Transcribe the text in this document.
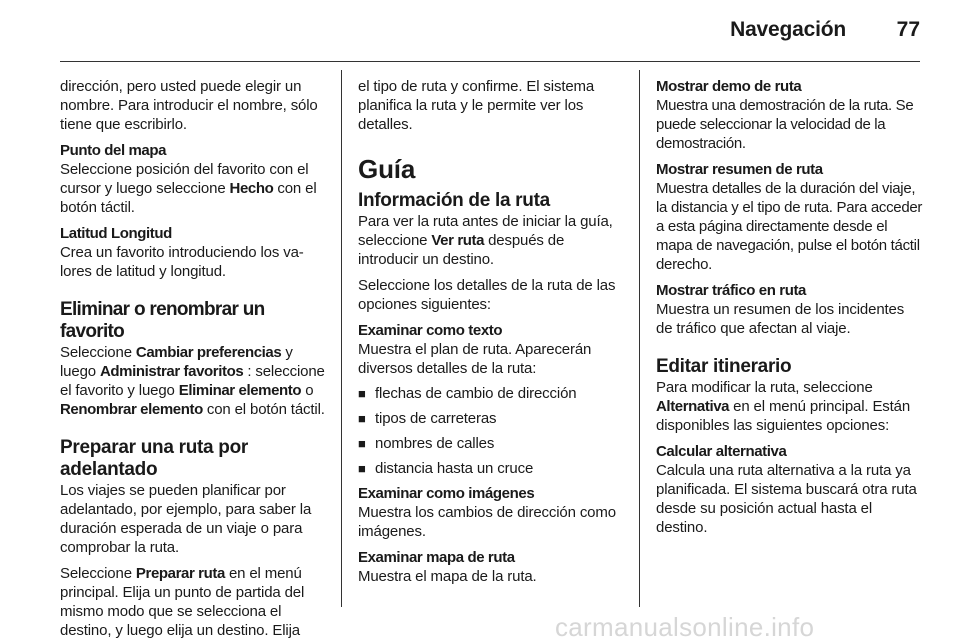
Navegación	77

dirección, pero usted puede elegir un nombre. Para introducir el nombre, sólo tiene que escribirlo.

Punto del mapa

Seleccione posición del favorito con el cursor y luego seleccione Hecho con el botón táctil.

Latitud Longitud

Crea un favorito introduciendo los valores de latitud y longitud.

Eliminar o renombrar un favorito

Seleccione Cambiar preferencias y luego Administrar favoritos : seleccione el favorito y luego Eliminar elemento o Renombrar elemento con el botón táctil.

Preparar una ruta por adelantado

Los viajes se pueden planificar por adelantado, por ejemplo, para saber la duración esperada de un viaje o para comprobar la ruta.

Seleccione Preparar ruta en el menú principal. Elija un punto de partida del mismo modo que se selecciona el destino, y luego elija un destino. Elija

el tipo de ruta y confirme. El sistema planifica la ruta y le permite ver los detalles.

Guía
Información de la ruta

Para ver la ruta antes de iniciar la guía, seleccione Ver ruta después de introducir un destino.

Seleccione los detalles de la ruta de las opciones siguientes:

Examinar como texto

Muestra el plan de ruta. Aparecerán diversos detalles de la ruta:

■ flechas de cambio de dirección
■ tipos de carreteras
■ nombres de calles
■ distancia hasta un cruce

Examinar como imágenes

Muestra los cambios de dirección como imágenes.

Examinar mapa de ruta

Muestra el mapa de la ruta.

Mostrar demo de ruta

Muestra una demostración de la ruta. Se puede seleccionar la velocidad de la demostración.

Mostrar resumen de ruta

Muestra detalles de la duración del viaje, la distancia y el tipo de ruta. Para acceder a esta página directamente desde el mapa de navegación, pulse el botón táctil derecho.

Mostrar tráfico en ruta

Muestra un resumen de los incidentes de tráfico que afectan al viaje.

Editar itinerario

Para modificar la ruta, seleccione Alternativa en el menú principal. Están disponibles las siguientes opciones:

Calcular alternativa

Calcula una ruta alternativa a la ruta ya planificada. El sistema buscará otra ruta desde su posición actual hasta el destino.

carmanualsonline.info
